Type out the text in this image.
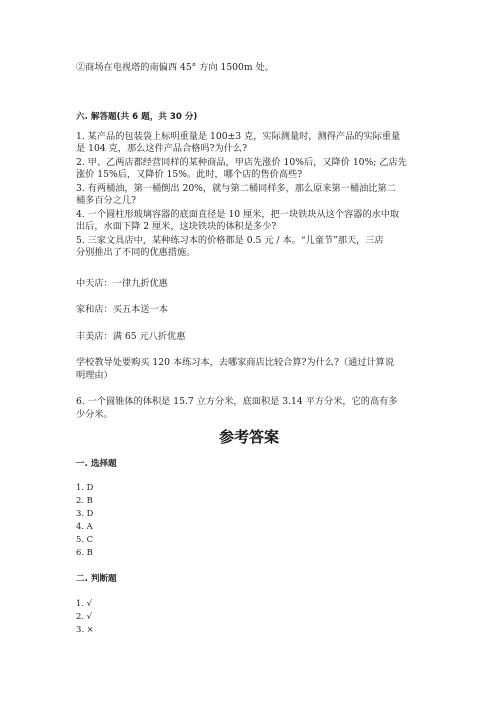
②商场在电视塔的南偏西 45° 方向 1500m 处。
六. 解答题(共 6 题，共 30 分)
1. 某产品的包装袋上标明重量是 100±3 克，实际测量时，测得产品的实际重量
是 104 克，那么这件产品合格吗?为什么?
2. 甲、乙两店都经营同样的某种商品，甲店先涨价 10%后，又降价 10%; 乙店先
涨价 15%后，又降价 15%。此时，哪个店的售价高些?
3. 有两桶油，第一桶倒出 20%，就与第二桶同样多，那么原来第一桶油比第二
桶多百分之几?
4. 一个圆柱形玻璃容器的底面直径是 10 厘米，把一块铁块从这个容器的水中取
出后，水面下降 2 厘米，这块铁块的体积是多少?
5. 三家文具店中，某种练习本的价格都是 0.5 元 / 本。“儿童节”那天，三店
分别推出了不同的优惠措施。
中天店：一律九折优惠
家和店：买五本送一本
丰美店：满 65 元八折优惠
学校教导处要购买 120 本练习本，去哪家商店比较合算?为什么?（通过计算说
明理由）
6. 一个圆锥体的体积是 15.7 立方分米，底面积是 3.14 平方分米，它的高有多
少分米。
参考答案
一. 选择题
1. D
2. B
3. D
4. A
5. C
6. B
二. 判断题
1. √
2. √
3. ×
